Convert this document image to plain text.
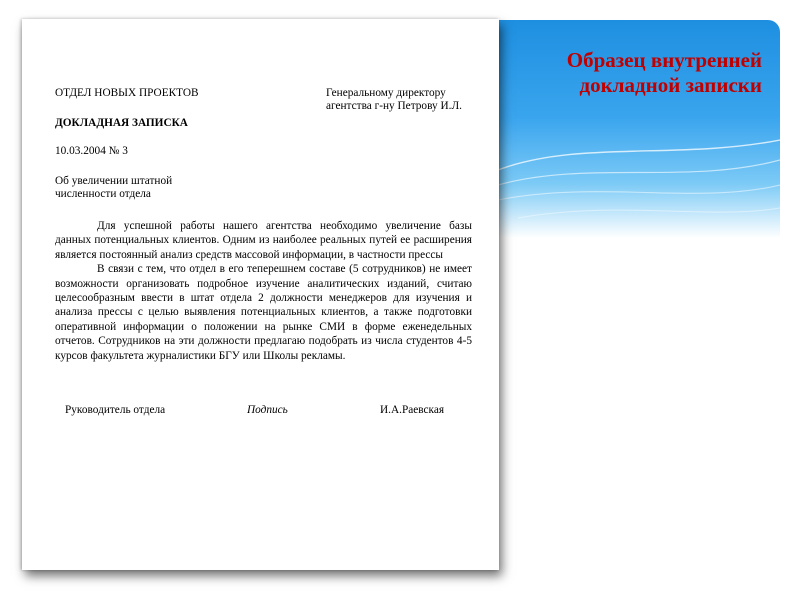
Образец внутренней докладной записки
ОТДЕЛ НОВЫХ ПРОЕКТОВ	Генеральному директору агентства г-ну Петрову И.Л.
ДОКЛАДНАЯ ЗАПИСКА
10.03.2004 № 3
Об увеличении штатной численности отдела

Для успешной работы нашего агентства необходимо увеличение базы данных потенциальных клиентов. Одним из наиболее реальных путей ее расширения является постоянный анализ средств массовой информации, в частности прессы

В связи с тем, что отдел в его теперешнем составе (5 сотрудников) не имеет возможности организовать подробное изучение аналитических изданий, считаю целесообразным ввести в штат отдела 2 должности менеджеров для изучения и анализа прессы с целью выявления потенциальных клиентов, а также подготовки оперативной информации о положении на рынке СМИ в форме еженедельных отчетов. Сотрудников на эти должности предлагаю подобрать из числа студентов 4-5 курсов факультета журналистики БГУ или Школы рекламы.

Руководитель отдела	Подпись	И.А.Раевская
